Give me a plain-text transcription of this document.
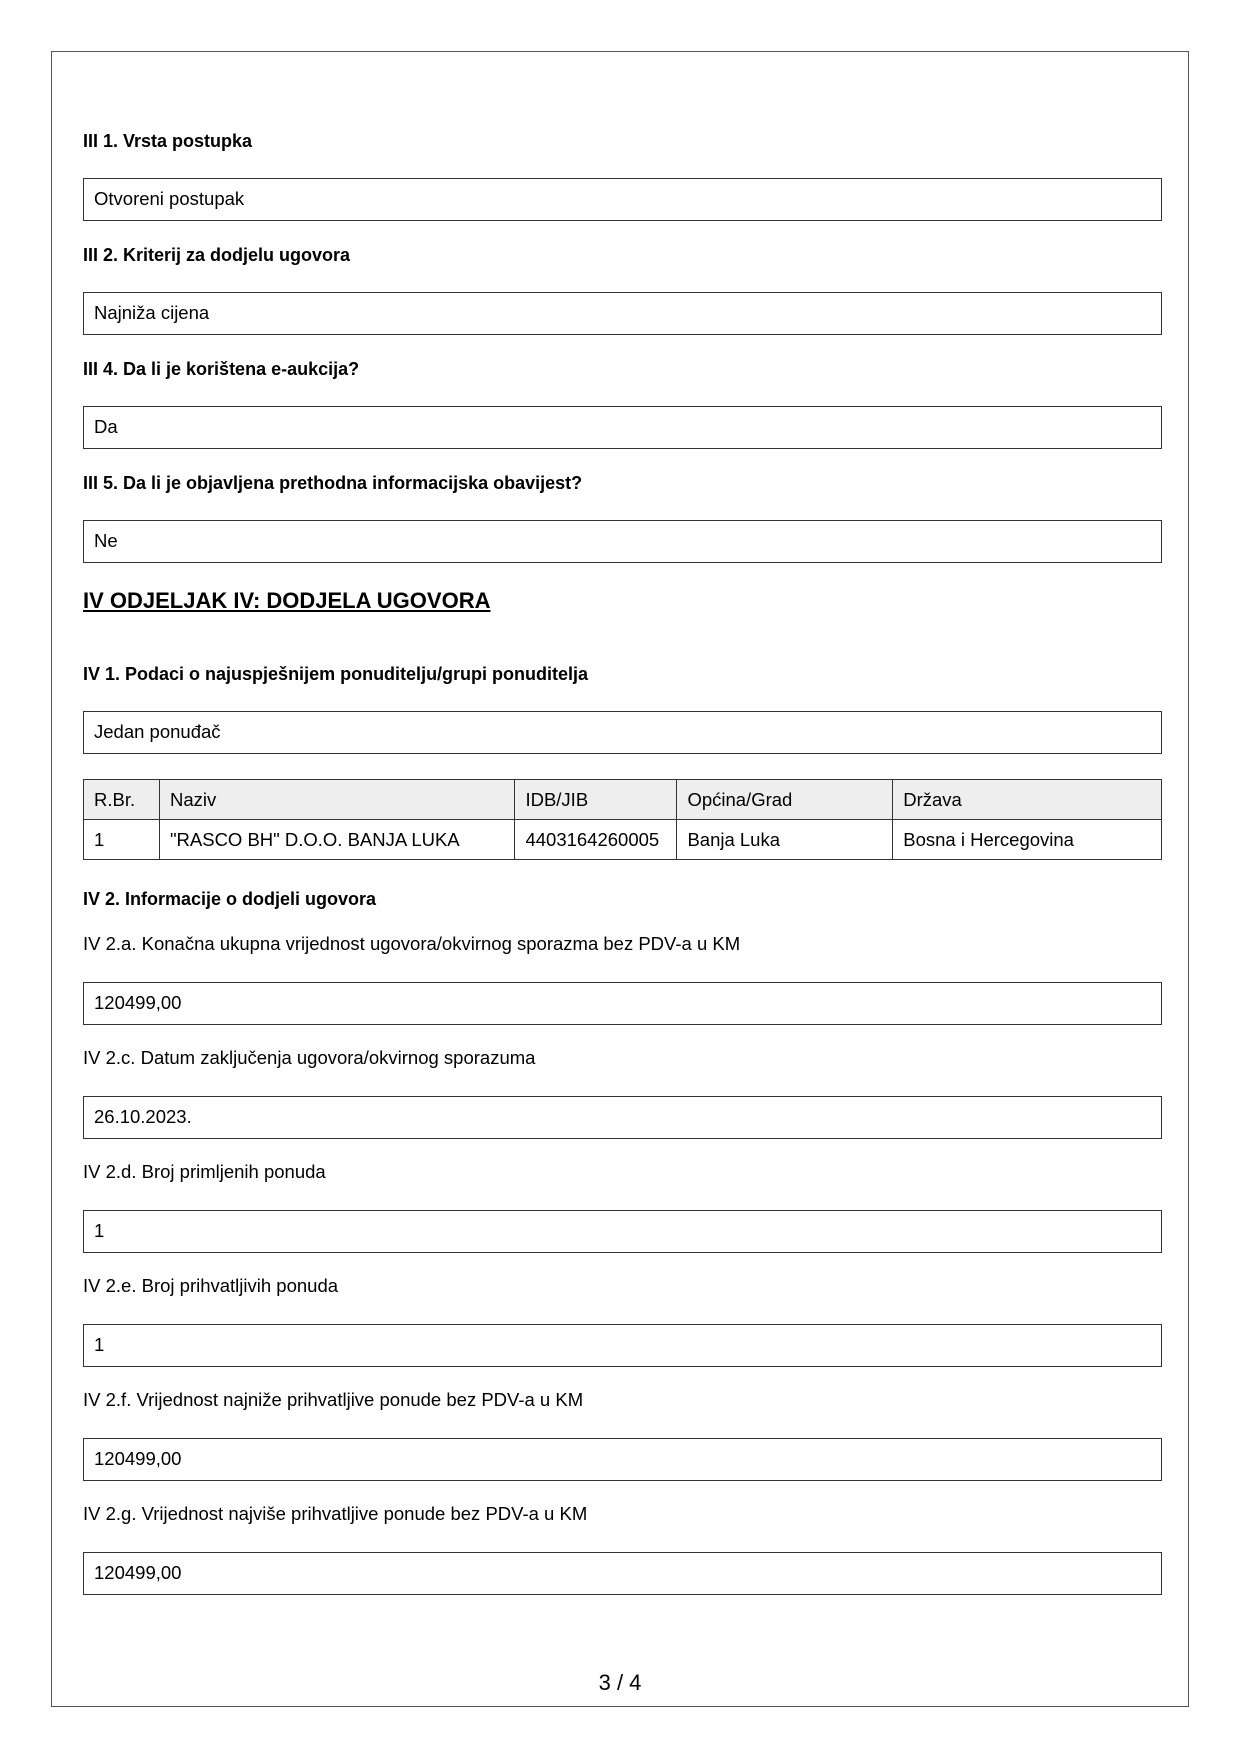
III 1. Vrsta postupka
Otvoreni postupak
III 2. Kriterij za dodjelu ugovora
Najniža cijena
III 4. Da li je korištena e-aukcija?
Da
III 5. Da li je objavljena prethodna informacijska obavijest?
Ne
IV ODJELJAK IV: DODJELA UGOVORA
IV 1. Podaci o najuspješnijem ponuditelju/grupi ponuditelja
Jedan ponuđač
R.Br.	Naziv	IDB/JIB	Općina/Grad	Država
1	"RASCO BH" D.O.O. BANJA LUKA	4403164260005	Banja Luka	Bosna i Hercegovina
IV 2. Informacije o dodjeli ugovora
IV 2.a. Konačna ukupna vrijednost ugovora/okvirnog sporazma bez PDV-a u KM
120499,00
IV 2.c. Datum zaključenja ugovora/okvirnog sporazuma
26.10.2023.
IV 2.d. Broj primljenih ponuda
1
IV 2.e. Broj prihvatljivih ponuda
1
IV 2.f. Vrijednost najniže prihvatljive ponude bez PDV-a u KM
120499,00
IV 2.g. Vrijednost najviše prihvatljive ponude bez PDV-a u KM
120499,00
3 / 4
